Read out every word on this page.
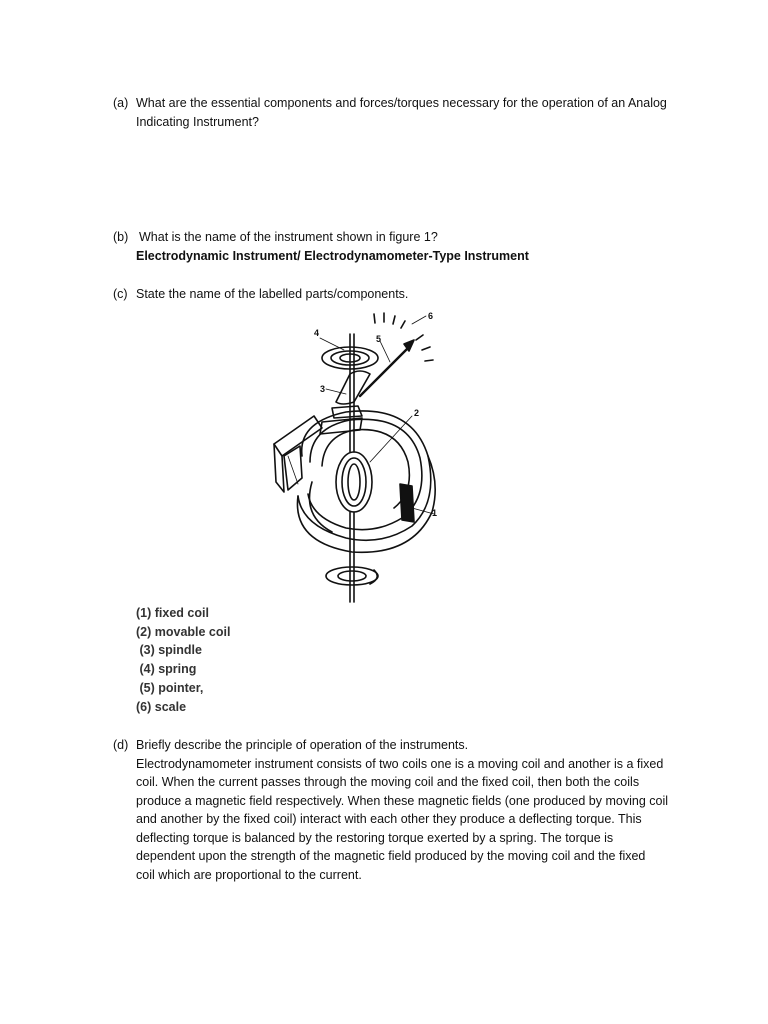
(a) What are the essential components and forces/torques necessary for the operation of an Analog
Indicating Instrument?
(b) What is the name of the instrument shown in figure 1?
Electrodynamic Instrument/ Electrodynamometer-Type Instrument
(c) State the name of the labelled parts/components.
4
5
6
3
2
1
(1) fixed coil
(2) movable coil
(3) spindle
(4) spring
(5) pointer,
(6) scale
(d) Briefly describe the principle of operation of the instruments.
Electrodynamometer instrument consists of two coils one is a moving coil and another is a fixed
coil. When the current passes through the moving coil and the fixed coil, then both the coils
produce a magnetic field respectively. When these magnetic fields (one produced by moving coil
and another by the fixed coil) interact with each other they produce a deflecting torque. This
deflecting torque is balanced by the restoring torque exerted by a spring. The torque is
dependent upon the strength of the magnetic field produced by the moving coil and the fixed
coil which are proportional to the current.
